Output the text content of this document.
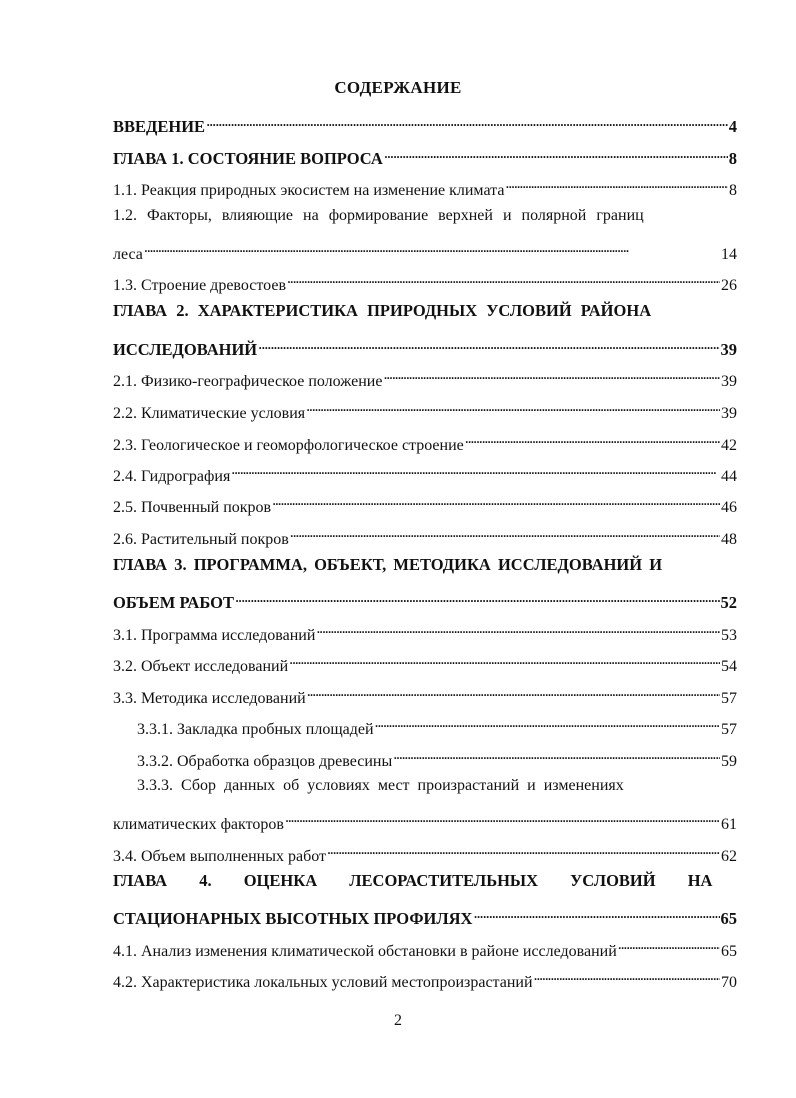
СОДЕРЖАНИЕ
ВВЕДЕНИЕ . . .	4
ГЛАВА 1. СОСТОЯНИЕ ВОПРОСА . . .	8
1.1. Реакция природных экосистем на изменение климата . . .	8
1.2. Факторы, влияющие на формирование верхней и полярной границ
леса . . .	14
1.3. Строение древостоев . . .	26
ГЛАВА 2. ХАРАКТЕРИСТИКА ПРИРОДНЫХ УСЛОВИЙ РАЙОНА
ИССЛЕДОВАНИЙ . . .	39
2.1. Физико-географическое положение . . .	39
2.2. Климатические условия . . .	39
2.3. Геологическое и геоморфологическое строение . . .	42
2.4. Гидрография . . .	44
2.5. Почвенный покров . . .	46
2.6. Растительный покров . . .	48
ГЛАВА 3. ПРОГРАММА, ОБЪЕКТ, МЕТОДИКА ИССЛЕДОВАНИЙ И
ОБЪЕМ РАБОТ . . .	52
3.1. Программа исследований . . .	53
3.2. Объект исследований . . .	54
3.3. Методика исследований . . .	57
3.3.1. Закладка пробных площадей . . .	57
3.3.2. Обработка образцов древесины . . .	59
3.3.3. Сбор данных об условиях мест произрастаний и изменениях
климатических факторов . . .	61
3.4. Объем выполненных работ . . .	62
ГЛАВА 4. ОЦЕНКА ЛЕСОРАСТИТЕЛЬНЫХ УСЛОВИЙ НА
СТАЦИОНАРНЫХ ВЫСОТНЫХ ПРОФИЛЯХ . . .	65
4.1. Анализ изменения климатической обстановки в районе исследований . . .	65
4.2. Характеристика локальных условий местопроизрастаний . . .	70
2
